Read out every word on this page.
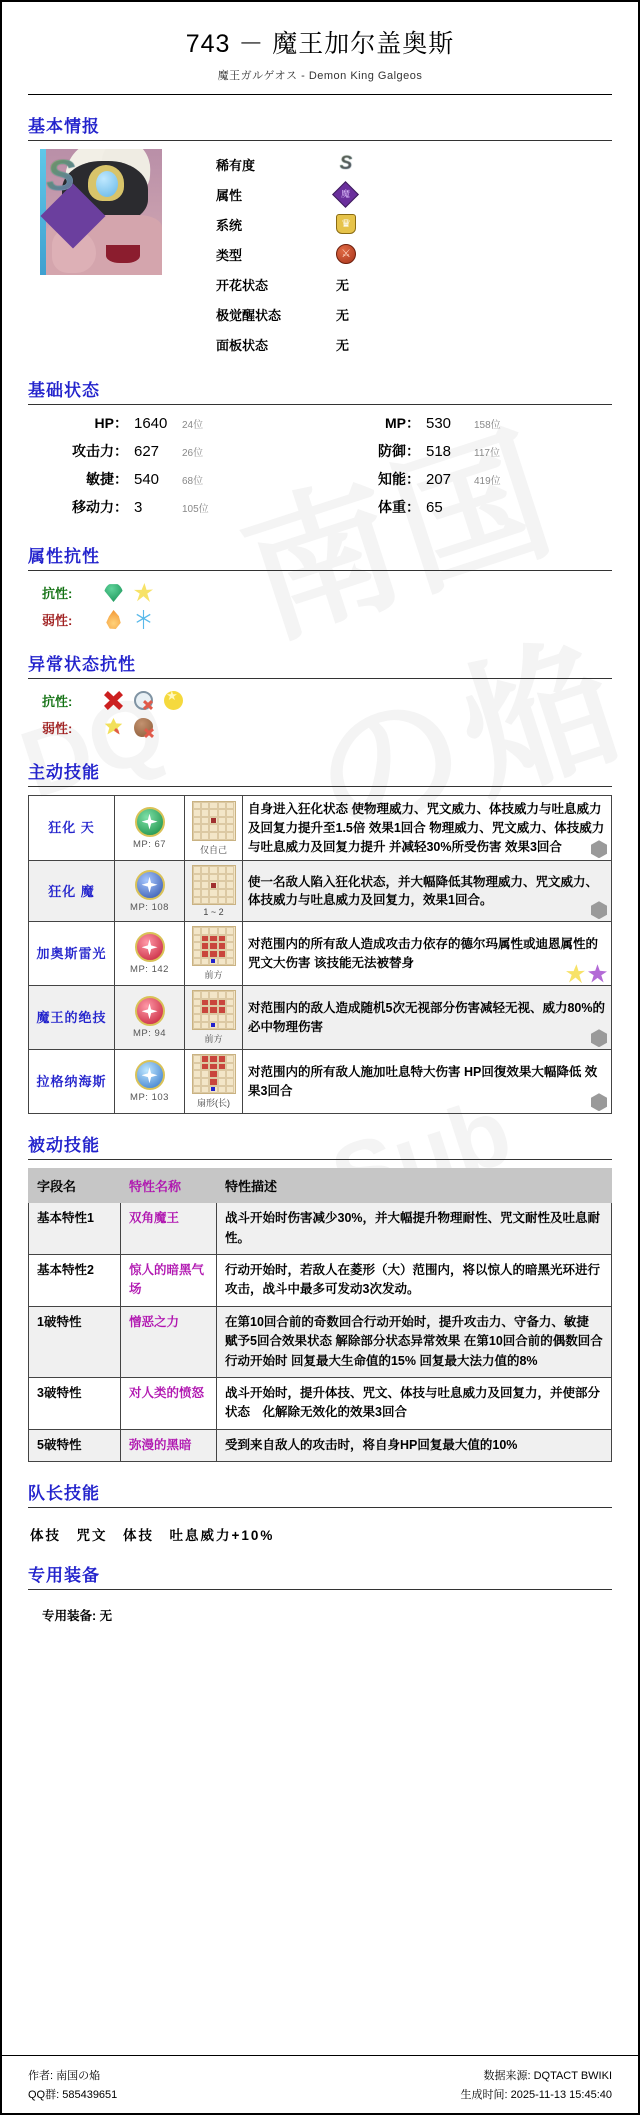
743 － 魔王加尔盖奥斯
魔王ガルゲオス - Demon King Galgeos
基本情报
S	稀有度	S
属性	魔
系统	♛
类型	⚔
开花状态	无
极觉醒状态	无
面板状态	无
基础状态
HP ： 1640	24位
攻击力 ： 627	26位
敏捷 ： 540	68位
移动力 ： 3	105位
MP ： 530	158位
防御 ： 518	117位
知能 ： 207	419位
体重 ： 65
属性抗性
抗性:
弱性:
异常状态抗性
抗性:
★
弱性:
主动技能
狂化 天	MP: 67	仅自己	自身进入狂化状态 使物理威力、咒文威力、体技威力与吐息威力及回复力提升至1.5倍 效果1回合 物理威力、咒文威力、体技威力与吐息威力及回复力提升 并减轻30%所受伤害 效果3回合

狂化 魔	MP: 108	1 ~ 2	使一名敌人陷入狂化状态，并大幅降低其物理威力、咒文威力、体技威力与吐息威力及回复力，效果1回合。

加奥斯雷光	MP: 142	前方	对范围内的所有敌人造成攻击力依存的德尔玛属性或迪恩属性的咒文大伤害 该技能无法被替身

魔王的绝技	MP: 94	前方	对范围内的敌人造成随机5次无视部分伤害减轻无视、威力80%的必中物理伤害

拉格纳海斯	MP: 103	扇形(长)	对范围内的所有敌人施加吐息特大伤害 HP回復效果大幅降低 效果3回合
被动技能
字段名	特性名称	特性描述
基本特性1	双角魔王	战斗开始时伤害减少30%，并大幅提升物理耐性、咒文耐性及吐息耐性。
基本特性2	惊人的暗黑气场	行动开始时，若敌人在菱形（大）范围内，将以惊人的暗黑光环进行攻击，战斗中最多可发动3次发动。
1破特性	憎恶之力	在第10回合前的奇数回合行动开始时，提升攻击力、守备力、敏捷 赋予5回合效果状态 解除部分状态异常效果 在第10回合前的偶数回合行动开始时 回复最大生命值的15% 回复最大法力值的8%
3破特性	对人类的愤怒	战斗开始时，提升体技、咒文、体技与吐息威力及回复力，并使部分状态　化解除无效化的效果3回合
5破特性	弥漫的黑暗	受到来自敌人的攻击时，将自身HP回复最大值的10%
队长技能
体技　咒文　体技　吐息威力+10%
专用装备
专用装备: 无
作者: 南国の焔
QQ群: 585439651
数据来源: DQTACT BWIKI
生成时间: 2025-11-13 15:45:40
